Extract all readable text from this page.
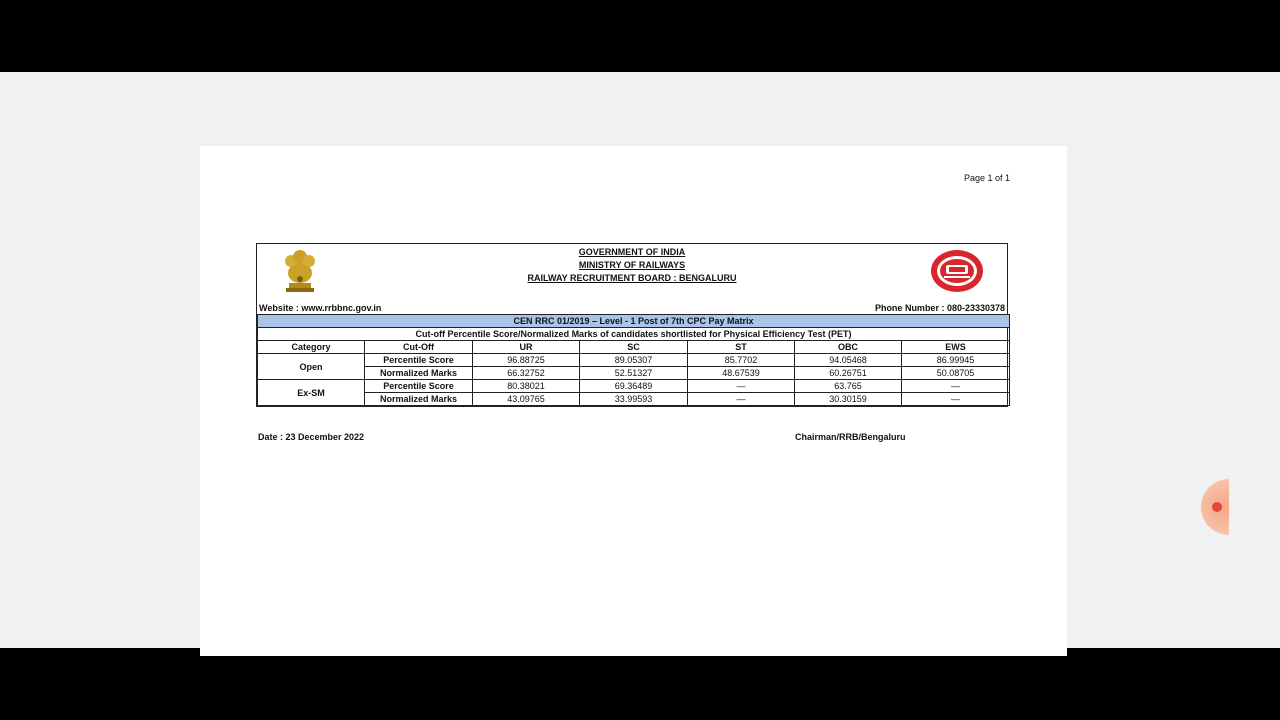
Page 1 of 1
GOVERNMENT OF INDIA
MINISTRY OF RAILWAYS
RAILWAY RECRUITMENT BOARD : BENGALURU
Website : www.rrbbnc.gov.in	Phone Number : 080-23330378
CEN RRC 01/2019 – Level - 1 Post of 7th CPC Pay Matrix						
Cut-off Percentile Score/Normalized Marks of candidates shortlisted for Physical Efficiency Test (PET)						
Category	Cut-Off	UR	SC	ST	OBC	EWS
Open	Percentile Score	96.88725	89.05307	85.7702	94.05468	86.99945
	Normalized Marks	66.32752	52.51327	48.67539	60.26751	50.08705
Ex-SM	Percentile Score	80.38021	69.36489	—	63.765	—
	Normalized Marks	43.09765	33.99593	—	30.30159	—
Date : 23 December 2022	Chairman/RRB/Bengaluru
